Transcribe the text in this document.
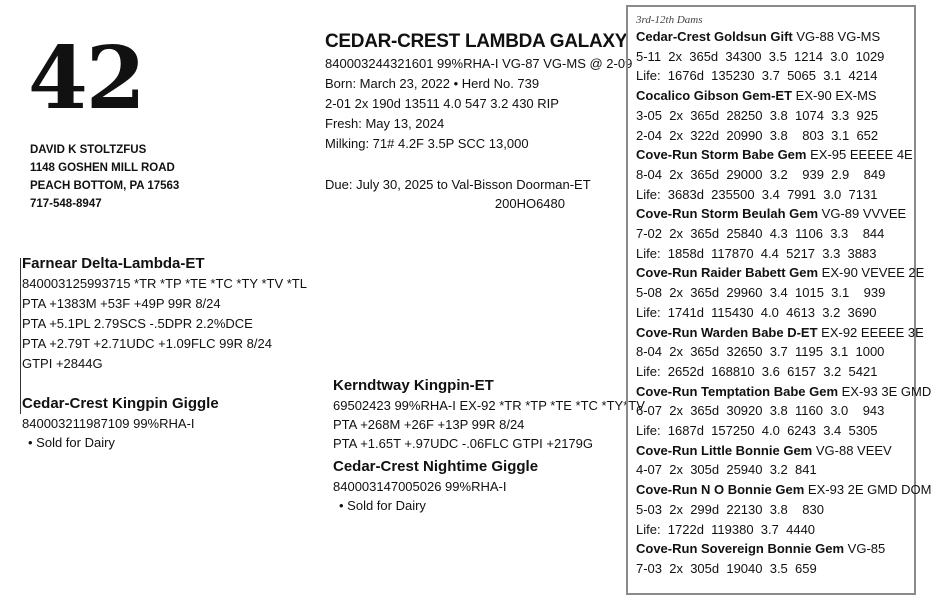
42
DAVID K STOLTZFUS
1148 GOSHEN MILL ROAD
PEACH BOTTOM, PA 17563
717-548-8947
CEDAR-CREST LAMBDA GALAXY
840003244321601 99%RHA-I VG-87 VG-MS @ 2-09
Born: March 23, 2022 • Herd No. 739
2-01 2x 190d 13511 4.0 547 3.2 430 RIP
Fresh: May 13, 2024
Milking: 71# 4.2F 3.5P SCC 13,000
Due: July 30, 2025 to Val-Bisson Doorman-ET
200HO6480
Farnear Delta-Lambda-ET
840003125993715 *TR *TP *TE *TC *TY *TV *TL
PTA +1383M +53F +49P 99R 8/24
PTA +5.1PL 2.79SCS -.5DPR 2.2%DCE
PTA +2.79T +2.71UDC +1.09FLC 99R 8/24
GTPI +2844G
Cedar-Crest Kingpin Giggle
840003211987109 99%RHA-I
• Sold for Dairy
Kerndtway Kingpin-ET
69502423 99%RHA-I EX-92 *TR *TP *TE *TC *TY*TV
PTA +268M +26F +13P 99R 8/24
PTA +1.65T +.97UDC -.06FLC GTPI +2179G
Cedar-Crest Nightime Giggle
840003147005026 99%RHA-I
• Sold for Dairy
3rd-12th Dams
Cedar-Crest Goldsun Gift VG-88 VG-MS
5-11  2x  365d  34300  3.5  1214  3.0  1029
Life:  1676d  135230  3.7  5065  3.1  4214
Cocalico Gibson Gem-ET EX-90 EX-MS
3-05  2x  365d  28250  3.8  1074  3.3  925
2-04  2x  322d  20990  3.8    803  3.1  652
Cove-Run Storm Babe Gem EX-95 EEEEE 4E
8-04  2x  365d  29000  3.2    939  2.9    849
Life:  3683d  235500  3.4  7991  3.0  7131
Cove-Run Storm Beulah Gem VG-89 VVVEE
7-02  2x  365d  25840  4.3  1106  3.3    844
Life:  1858d  117870  4.4  5217  3.3  3883
Cove-Run Raider Babett Gem EX-90 VEVEE 2E
5-08  2x  365d  29960  3.4  1015  3.1    939
Life:  1741d  115430  4.0  4613  3.2  3690
Cove-Run Warden Babe D-ET EX-92 EEEEE 3E
8-04  2x  365d  32650  3.7  1195  3.1  1000
Life:  2652d  168810  3.6  6157  3.2  5421
Cove-Run Temptation Babe Gem EX-93 3E GMD
6-07  2x  365d  30920  3.8  1160  3.0    943
Life:  1687d  157250  4.0  6243  3.4  5305
Cove-Run Little Bonnie Gem VG-88 VEEV
4-07  2x  305d  25940  3.2  841
Cove-Run N O Bonnie Gem EX-93 2E GMD DOM
5-03  2x  299d  22130  3.8    830
Life:  1722d  119380  3.7  4440
Cove-Run Sovereign Bonnie Gem VG-85
7-03  2x  305d  19040  3.5  659
